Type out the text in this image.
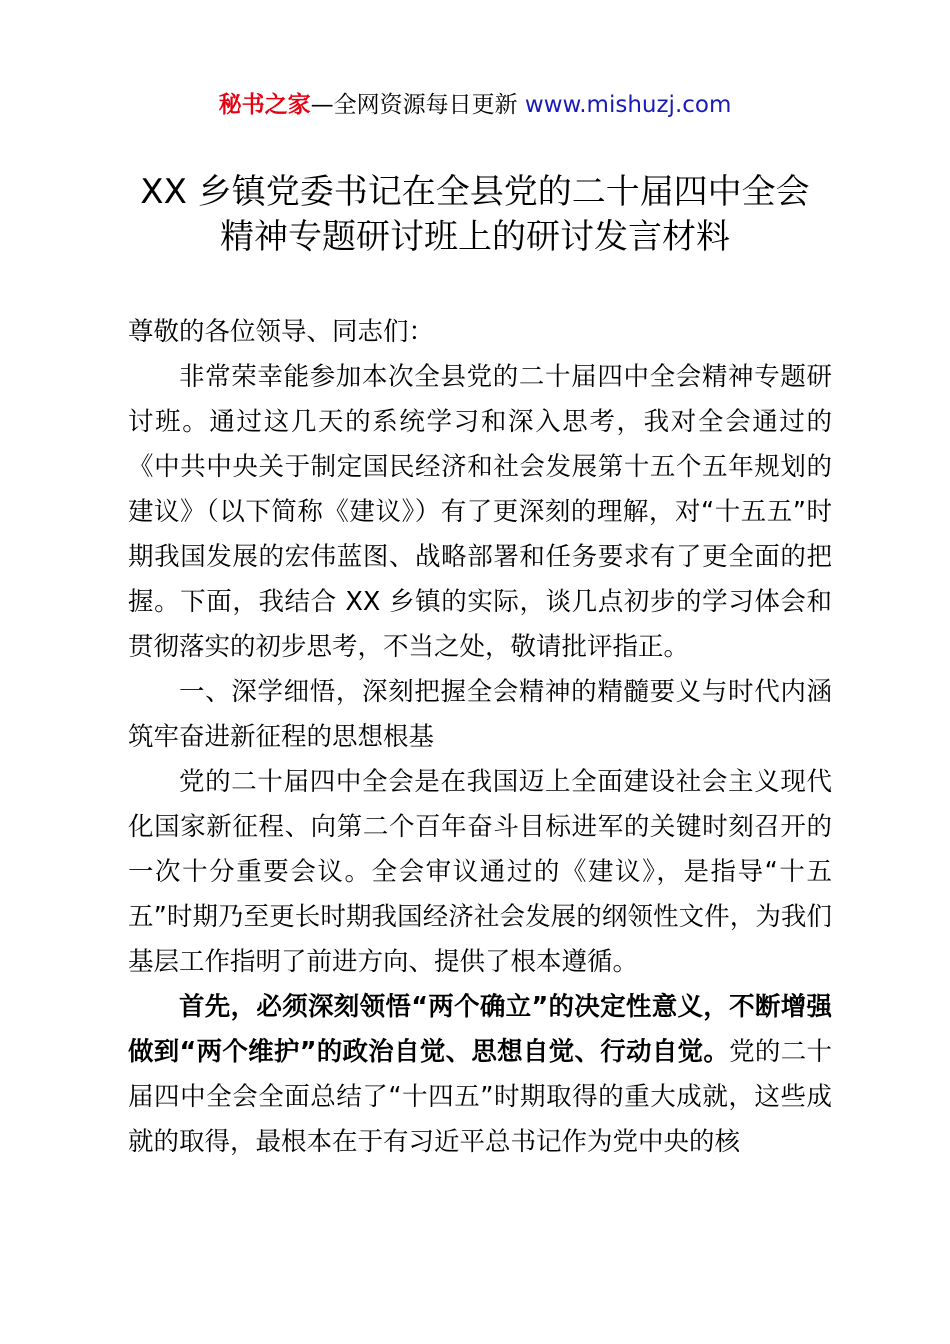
秘书之家—全网资源每日更新 www.mishuzj.com
XX 乡镇党委书记在全县党的二十届四中全会
精神专题研讨班上的研讨发言材料

尊敬的各位领导、同志们：

非常荣幸能参加本次全县党的二十届四中全会精神专题研讨班。通过这几天的系统学习和深入思考，我对全会通过的《中共中央关于制定国民经济和社会发展第十五个五年规划的建议》（以下简称《建议》）有了更深刻的理解，对“十五五”时期我国发展的宏伟蓝图、战略部署和任务要求有了更全面的把握。下面，我结合 XX 乡镇的实际，谈几点初步的学习体会和贯彻落实的初步思考，不当之处，敬请批评指正。

一、深学细悟，深刻把握全会精神的精髓要义与时代内涵筑牢奋进新征程的思想根基

党的二十届四中全会是在我国迈上全面建设社会主义现代化国家新征程、向第二个百年奋斗目标进军的关键时刻召开的一次十分重要会议。全会审议通过的《建议》，是指导“十五五”时期乃至更长时期我国经济社会发展的纲领性文件，为我们基层工作指明了前进方向、提供了根本遵循。

首先，必须深刻领悟“两个确立”的决定性意义，不断增强做到“两个维护”的政治自觉、思想自觉、行动自觉。党的二十届四中全会全面总结了“十四五”时期取得的重大成就，这些成就的取得，最根本在于有习近平总书记作为党中央的核
